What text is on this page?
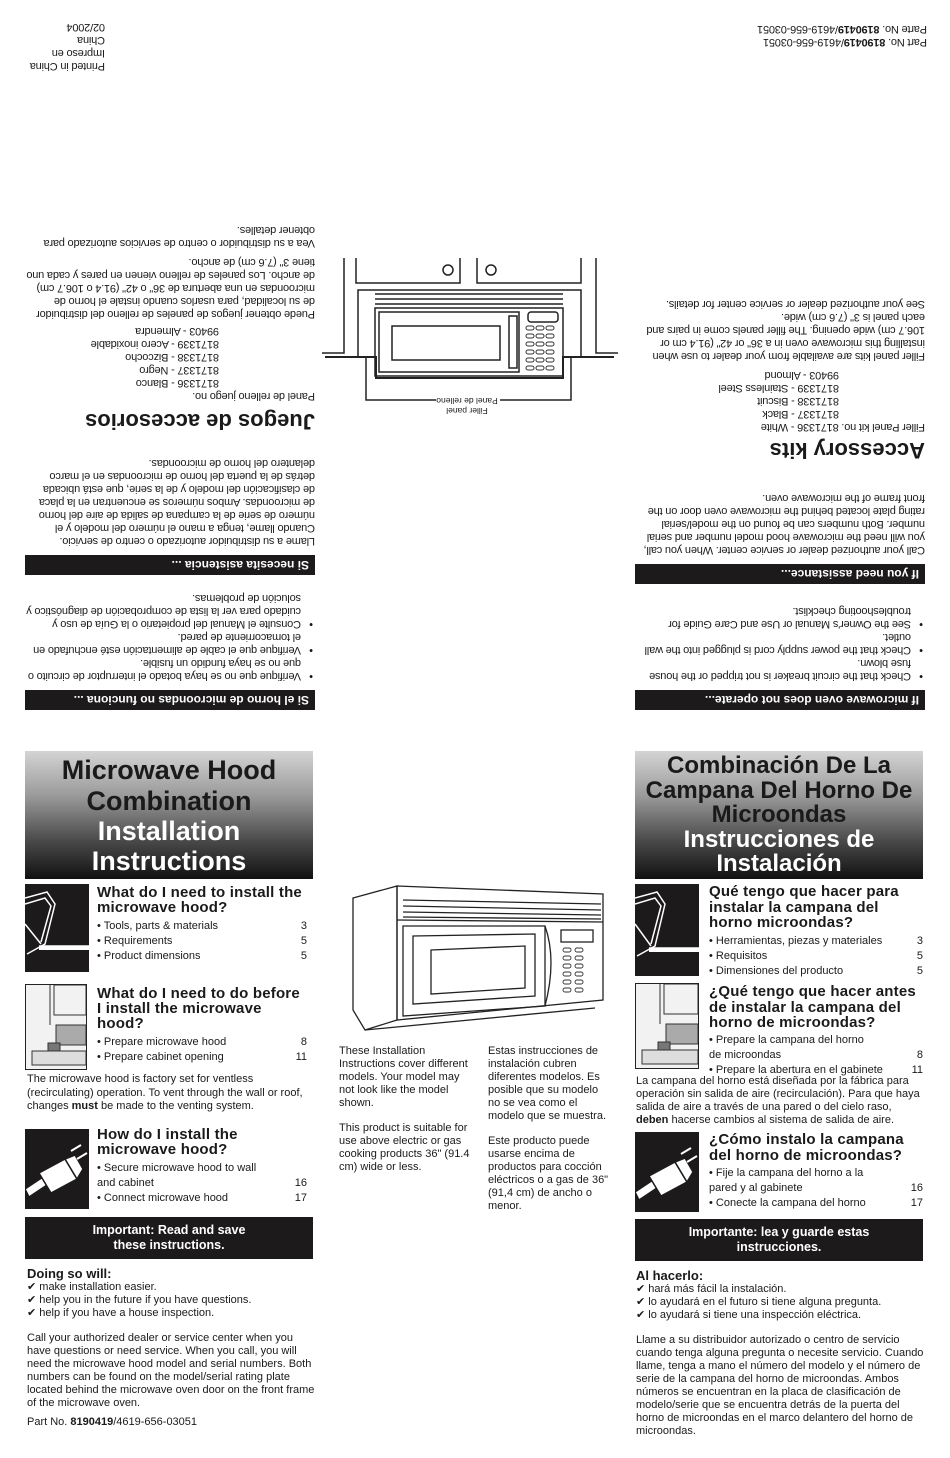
Printed in China
Impreso en China
02/2004
Part No. 8190419/4619-656-03051
Parte No. 8190419/4619-656-03051
If microwave oven does not operate...
•
Check that the circuit breaker is not tripped or the house fuse blown.
•
Check that the power supply cord is plugged into the wall outlet.
•
See the Owner's Manual or Use and Care Guide for troubleshooting checklist.
If you need assistance...

Call your authorized dealer or service center. When you call, you will need the microwave hood model number and serial number. Both numbers can be found on the model/serial rating plate located behind the microwave oven door on the front frame of the microwave oven.

Accessory kits
Filler Panel kit no. 8171336 - White
8171337 - Black
8171338 - Biscuit
8171339 - Stainless Steel
99403 - Almond

Filler panel kits are available from your dealer to use when installing this microwave oven in a 36" or 42" (91.4 cm or 106.7 cm) wide opening. The filler panels come in pairs and each panel is 3" (7.6 cm) wide.

See your authorized dealer or service center for details.

Si el horno de microondas no funciona ...
•
Verifique que no se haya botado el interruptor de circuito o que no se haya fundido un fusible.
•
Verifique que el cable de alimentación esté enchufado en el tomacorriente de pared.
•
Consulte el Manual del propietario o la Guía de uso y cuidado para ver la lista de comprobación de diagnóstico y solución de problemas.
Si necesita asistencia ...

Llame a su distribuidor autorizado o centro de servicio. Cuando llame, tenga a mano el número del modelo y el número de serie de la campana de salida de aire del horno de microondas. Ambos números se encuentran en la placa de clasificación del modelo y de la serie, que está ubicada detrás de la puerta del horno de microondas en el marco delantero del horno de microondas.

Juegos de accesorios
Panel de relleno juego no.
8171336 - Blanco
8171337 - Negro
8171338 - Bizcocho
8171339 - Acero inoxidable
99403 - Almendra

Puede obtener juegos de paneles de relleno del distribuidor de su localidad, para usarlos cuando instale el horno de microondas en una abertura de 36" o 42" (91.4 o 106.7 cm) de ancho. Los paneles de relleno vienen en pares y cada uno tiene 3" (7.6 cm) de ancho.

Vea a su distribuidor o centro de servicios autorizado para obtener detalles.

Filler panel
Panel de relleno
Microwave Hood
Combination
Installation
Instructions
What do I need to install the microwave hood?
• Tools, parts & materials	3
• Requirements	5
• Product dimensions	5
What do I need to do before I install the microwave hood?
• Prepare microwave hood	8
• Prepare cabinet opening	11

The microwave hood is factory set for ventless (recirculating) operation. To vent through the wall or roof, changes must be made to the venting system.

How do I install the microwave hood?
• Secure microwave hood to wall and cabinet	16
• Connect microwave hood	17
Important: Read and save these instructions.
Doing so will:
✔ make installation easier.
✔ help you in the future if you have questions.
✔ help if you have a house inspection.

Call your authorized dealer or service center when you have questions or need service. When you call, you will need the microwave hood model and serial numbers. Both numbers can be found on the model/serial rating plate located behind the microwave oven door on the front frame of the microwave oven.

Part No. 8190419/4619-656-03051

These Installation Instructions cover different models. Your model may not look like the model shown.

This product is suitable for use above electric or gas cooking products 36" (91.4 cm) wide or less.

Estas instrucciones de instalación cubren diferentes modelos. Es posible que su modelo no se vea como el modelo que se muestra.

Este producto puede usarse encima de productos para cocción eléctricos o a gas de 36" (91,4 cm) de ancho o menor.

Combinación De La
Campana Del Horno De
Microondas
Instrucciones de
Instalación
Qué tengo que hacer para instalar la campana del horno microondas?
• Herramientas, piezas y materiales	3
• Requisitos	5
• Dimensiones del producto	5
¿Qué tengo que hacer antes de instalar la campana del horno de microondas?
• Prepare la campana del horno de microondas	8
• Prepare la abertura en el gabinete	11

La campana del horno está diseñada por la fábrica para operación sin salida de aire (recirculación). Para que haya salida de aire a través de una pared o del cielo raso, deben hacerse cambios al sistema de salida de aire.

¿Cómo instalo la campana del horno de microondas?
• Fije la campana del horno a la pared y al gabinete	16
• Conecte la campana del horno	17
Importante: lea y guarde estas instrucciones.
Al hacerlo:
✔ hará más fácil la instalación.
✔ lo ayudará en el futuro si tiene alguna pregunta.
✔ lo ayudará si tiene una inspección eléctrica.

Llame a su distribuidor autorizado o centro de servicio cuando tenga alguna pregunta o necesite servicio. Cuando llame, tenga a mano el número del modelo y el número de serie de la campana del horno de microondas. Ambos números se encuentran en la placa de clasificación de modelo/serie que se encuentra detrás de la puerta del horno de microondas en el marco delantero del horno de microondas.
